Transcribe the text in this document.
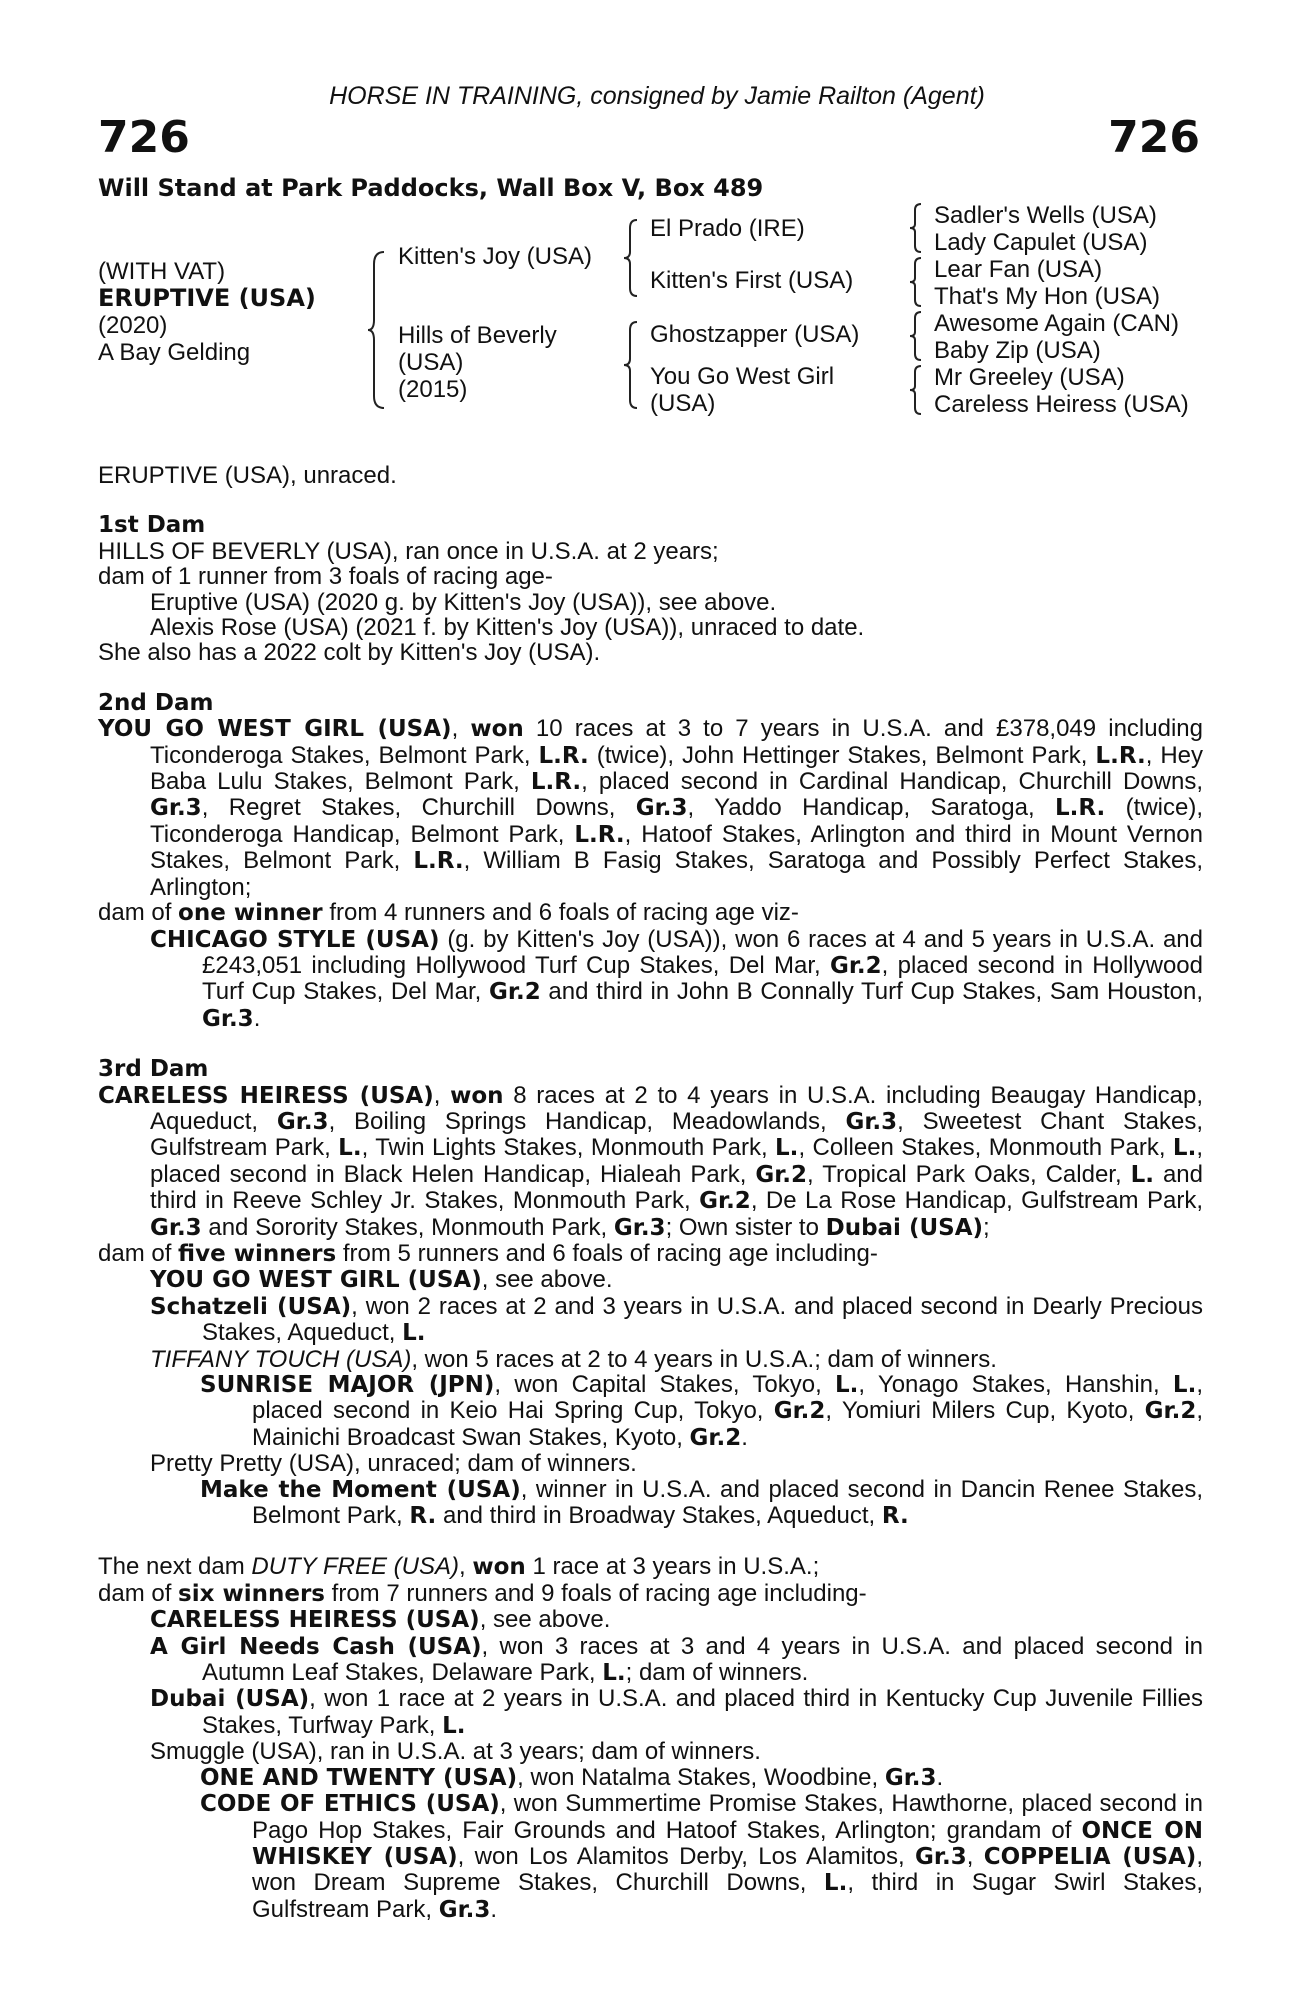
HORSE IN TRAINING, consigned by Jamie Railton (Agent)
726	726
Will Stand at Park Paddocks, Wall Box V, Box 489
(WITH VAT)
ERUPTIVE (USA)
(2020)
A Bay Gelding
Kitten's Joy (USA)
Hills of Beverly
(USA)
(2015)
El Prado (IRE)
Kitten's First (USA)
Ghostzapper (USA)
You Go West Girl
(USA)
Sadler's Wells (USA)
Lady Capulet (USA)
Lear Fan (USA)
That's My Hon (USA)
Awesome Again (CAN)
Baby Zip (USA)
Mr Greeley (USA)
Careless Heiress (USA)

ERUPTIVE (USA), unraced.

1st Dam

HILLS OF BEVERLY (USA), ran once in U.S.A. at 2 years;

dam of 1 runner from 3 foals of racing age-

Eruptive (USA) (2020 g. by Kitten's Joy (USA)), see above.

Alexis Rose (USA) (2021 f. by Kitten's Joy (USA)), unraced to date.

She also has a 2022 colt by Kitten's Joy (USA).

2nd Dam

YOU GO WEST GIRL (USA), won 10 races at 3 to 7 years in U.S.A. and £378,049 including Ticonderoga Stakes, Belmont Park, L.R. (twice), John Hettinger Stakes, Belmont Park, L.R., Hey Baba Lulu Stakes, Belmont Park, L.R., placed second in Cardinal Handicap, Churchill Downs, Gr.3, Regret Stakes, Churchill Downs, Gr.3, Yaddo Handicap, Saratoga, L.R. (twice), Ticonderoga Handicap, Belmont Park, L.R., Hatoof Stakes, Arlington and third in Mount Vernon Stakes, Belmont Park, L.R., William B Fasig Stakes, Saratoga and Possibly Perfect Stakes, Arlington;

dam of one winner from 4 runners and 6 foals of racing age viz-

CHICAGO STYLE (USA) (g. by Kitten's Joy (USA)), won 6 races at 4 and 5 years in U.S.A. and £243,051 including Hollywood Turf Cup Stakes, Del Mar, Gr.2, placed second in Hollywood Turf Cup Stakes, Del Mar, Gr.2 and third in John B Connally Turf Cup Stakes, Sam Houston, Gr.3.

3rd Dam

CARELESS HEIRESS (USA), won 8 races at 2 to 4 years in U.S.A. including Beaugay Handicap, Aqueduct, Gr.3, Boiling Springs Handicap, Meadowlands, Gr.3, Sweetest Chant Stakes, Gulfstream Park, L., Twin Lights Stakes, Monmouth Park, L., Colleen Stakes, Monmouth Park, L., placed second in Black Helen Handicap, Hialeah Park, Gr.2, Tropical Park Oaks, Calder, L. and third in Reeve Schley Jr. Stakes, Monmouth Park, Gr.2, De La Rose Handicap, Gulfstream Park, Gr.3 and Sorority Stakes, Monmouth Park, Gr.3; Own sister to Dubai (USA);

dam of five winners from 5 runners and 6 foals of racing age including-

YOU GO WEST GIRL (USA), see above.

Schatzeli (USA), won 2 races at 2 and 3 years in U.S.A. and placed second in Dearly Precious Stakes, Aqueduct, L.

TIFFANY TOUCH (USA), won 5 races at 2 to 4 years in U.S.A.; dam of winners.

SUNRISE MAJOR (JPN), won Capital Stakes, Tokyo, L., Yonago Stakes, Hanshin, L., placed second in Keio Hai Spring Cup, Tokyo, Gr.2, Yomiuri Milers Cup, Kyoto, Gr.2, Mainichi Broadcast Swan Stakes, Kyoto, Gr.2.

Pretty Pretty (USA), unraced; dam of winners.

Make the Moment (USA), winner in U.S.A. and placed second in Dancin Renee Stakes, Belmont Park, R. and third in Broadway Stakes, Aqueduct, R.

The next dam DUTY FREE (USA), won 1 race at 3 years in U.S.A.;

dam of six winners from 7 runners and 9 foals of racing age including-

CARELESS HEIRESS (USA), see above.

A Girl Needs Cash (USA), won 3 races at 3 and 4 years in U.S.A. and placed second in Autumn Leaf Stakes, Delaware Park, L.; dam of winners.

Dubai (USA), won 1 race at 2 years in U.S.A. and placed third in Kentucky Cup Juvenile Fillies Stakes, Turfway Park, L.

Smuggle (USA), ran in U.S.A. at 3 years; dam of winners.

ONE AND TWENTY (USA), won Natalma Stakes, Woodbine, Gr.3.

CODE OF ETHICS (USA), won Summertime Promise Stakes, Hawthorne, placed second in Pago Hop Stakes, Fair Grounds and Hatoof Stakes, Arlington; grandam of ONCE ON WHISKEY (USA), won Los Alamitos Derby, Los Alamitos, Gr.3, COPPELIA (USA), won Dream Supreme Stakes, Churchill Downs, L., third in Sugar Swirl Stakes, Gulfstream Park, Gr.3.
